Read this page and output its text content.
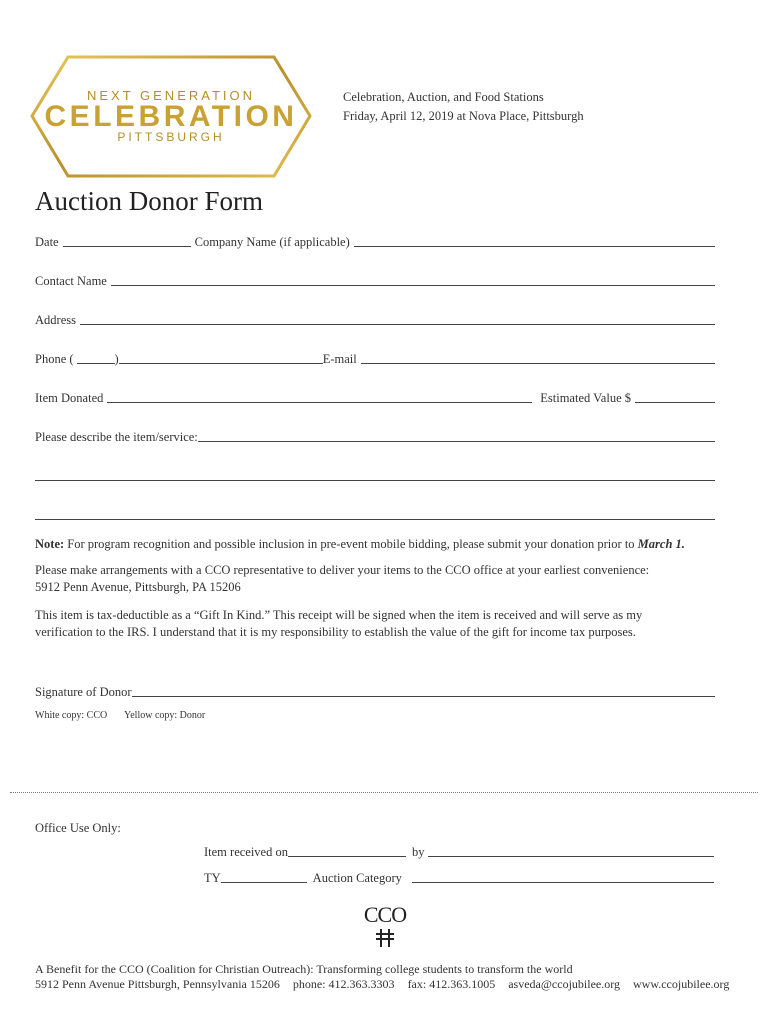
NEXT GENERATION
CELEBRATION
PITTSBURGH
Celebration, Auction, and Food Stations
Friday, April 12, 2019 at Nova Place, Pittsburgh
Auction Donor Form
Date	Company Name (if applicable)
Contact Name
Address
Phone (	)	E-mail
Item Donated	Estimated Value $
Please describe the item/service:
Note: For program recognition and possible inclusion in pre-event mobile bidding, please submit your donation prior to March 1.
Please make arrangements with a CCO representative to deliver your items to the CCO office at your earliest convenience:
5912 Penn Avenue, Pittsburgh, PA 15206
This item is tax-deductible as a “Gift In Kind.” This receipt will be signed when the item is received and will serve as my
verification to the IRS. I understand that it is my responsibility to establish the value of the gift for income tax purposes.
Signature of Donor
White copy: CCO Yellow copy: Donor
Office Use Only:
Item received on	by
TY	Auction Category
CCO
A Benefit for the CCO (Coalition for Christian Outreach): Transforming college students to transform the world
5912 Penn Avenue Pittsburgh, Pennsylvania 15206 phone: 412.363.3303 fax: 412.363.1005 asveda@ccojubilee.org www.ccojubilee.org
